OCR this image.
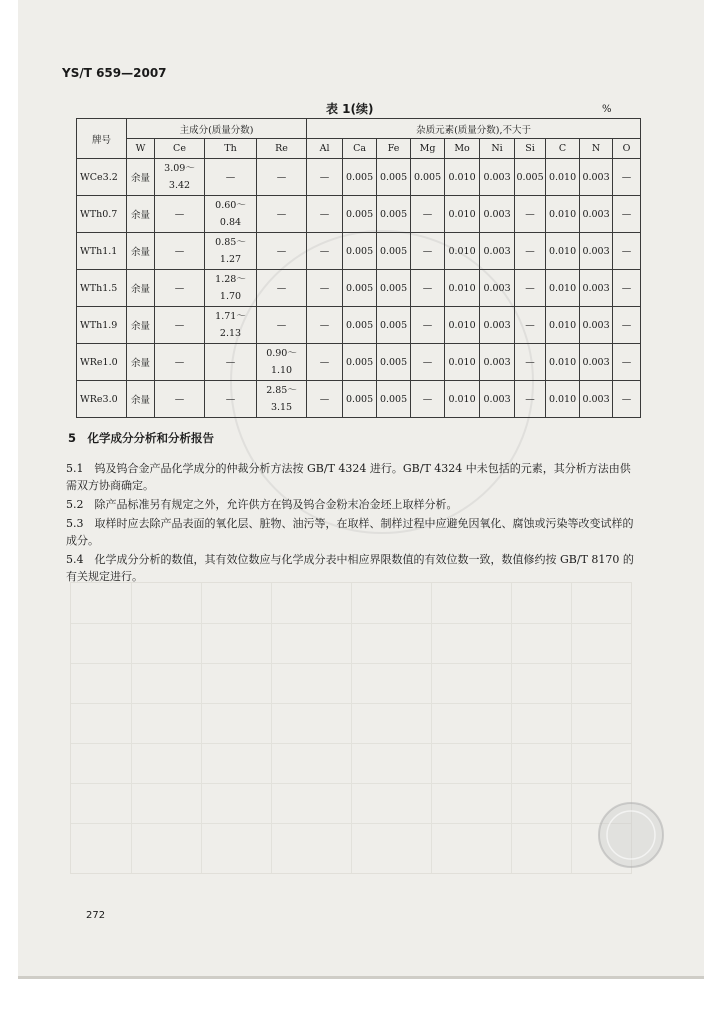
YS/T 659—2007
表 1(续)	%
牌号	主成分(质量分数)				杂质元素(质量分数),不大于									
	W	Ce	Th	Re	Al	Ca	Fe	Mg	Mo	Ni	Si	C	N	O
WCe3.2	余量	3.09～
3.42	—	—	—	0.005	0.005	0.005	0.010	0.003	0.005	0.010	0.003	—
WTh0.7	余量	—	0.60～
0.84	—	—	0.005	0.005	—	0.010	0.003	—	0.010	0.003	—
WTh1.1	余量	—	0.85～
1.27	—	—	0.005	0.005	—	0.010	0.003	—	0.010	0.003	—
WTh1.5	余量	—	1.28～
1.70	—	—	0.005	0.005	—	0.010	0.003	—	0.010	0.003	—
WTh1.9	余量	—	1.71～
2.13	—	—	0.005	0.005	—	0.010	0.003	—	0.010	0.003	—
WRe1.0	余量	—	—	0.90～
1.10	—	0.005	0.005	—	0.010	0.003	—	0.010	0.003	—
WRe3.0	余量	—	—	2.85～
3.15	—	0.005	0.005	—	0.010	0.003	—	0.010	0.003	—
5　化学成分分析和分析报告
5.1　钨及钨合金产品化学成分的仲裁分析方法按 GB/T 4324 进行。GB/T 4324 中未包括的元素，其分析方法由供需双方协商确定。
5.2　除产品标准另有规定之外，允许供方在钨及钨合金粉末冶金坯上取样分析。
5.3　取样时应去除产品表面的氧化层、脏物、油污等，在取样、制样过程中应避免因氧化、腐蚀或污染等改变试样的成分。
5.4　化学成分分析的数值，其有效位数应与化学成分表中相应界限数值的有效位数一致，数值修约按 GB/T 8170 的有关规定进行。
272
